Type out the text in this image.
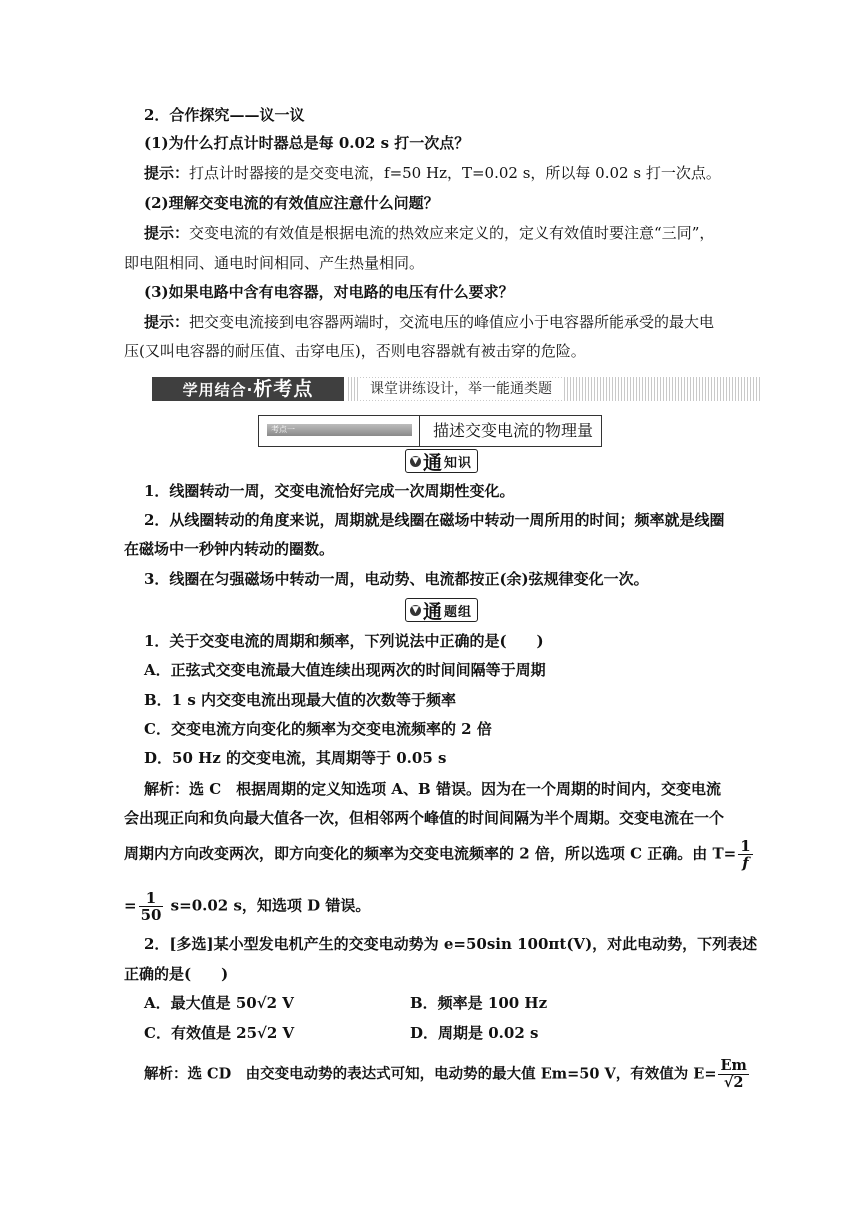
2．合作探究——议一议
(1)为什么打点计时器总是每 0.02 s 打一次点？
提示：打点计时器接的是交变电流，f=50 Hz，T=0.02 s，所以每 0.02 s 打一次点。
(2)理解交变电流的有效值应注意什么问题？
提示：交变电流的有效值是根据电流的热效应来定义的，定义有效值时要注意“三同”，
即电阻相同、通电时间相同、产生热量相同。
(3)如果电路中含有电容器，对电路的电压有什么要求？
提示：把交变电流接到电容器两端时，交流电压的峰值应小于电容器所能承受的最大电
压(又叫电容器的耐压值、击穿电压)，否则电容器就有被击穿的危险。
学用结合·析考点	课堂讲练设计，举一能通类题
考点一	描述交变电流的物理量
▼ 通 知识
1．线圈转动一周，交变电流恰好完成一次周期性变化。
2．从线圈转动的角度来说，周期就是线圈在磁场中转动一周所用的时间；频率就是线圈
在磁场中一秒钟内转动的圈数。
3．线圈在匀强磁场中转动一周，电动势、电流都按正(余)弦规律变化一次。
▼ 通 题组
1．关于交变电流的周期和频率，下列说法中正确的是(　　)
A．正弦式交变电流最大值连续出现两次的时间间隔等于周期
B．1 s 内交变电流出现最大值的次数等于频率
C．交变电流方向变化的频率为交变电流频率的 2 倍
D．50 Hz 的交变电流，其周期等于 0.05 s
解析：选 C　根据周期的定义知选项 A、B 错误。因为在一个周期的时间内，交变电流
会出现正向和负向最大值各一次，但相邻两个峰值的时间间隔为半个周期。交变电流在一个
周期内方向改变两次，即方向变化的频率为交变电流频率的 2 倍，所以选项 C 正确。由 $T= \frac{1}{f}$
= $\frac{1}{50} s=0.02$ s，知选项 D 错误。
2．[多选]某小型发电机产生的交变电动势为 e=50sin 100πt(V)，对此电动势，下列表述
正确的是(　　)
A．最大值是 50√2 V	B．频率是 100 Hz
C．有效值是 25√2 V	D．周期是 0.02 s
解析：选 CD　由交变电动势的表达式可知，电动势的最大值 Em=50 V，有效值为 $E= \frac{Em}{√2}$
